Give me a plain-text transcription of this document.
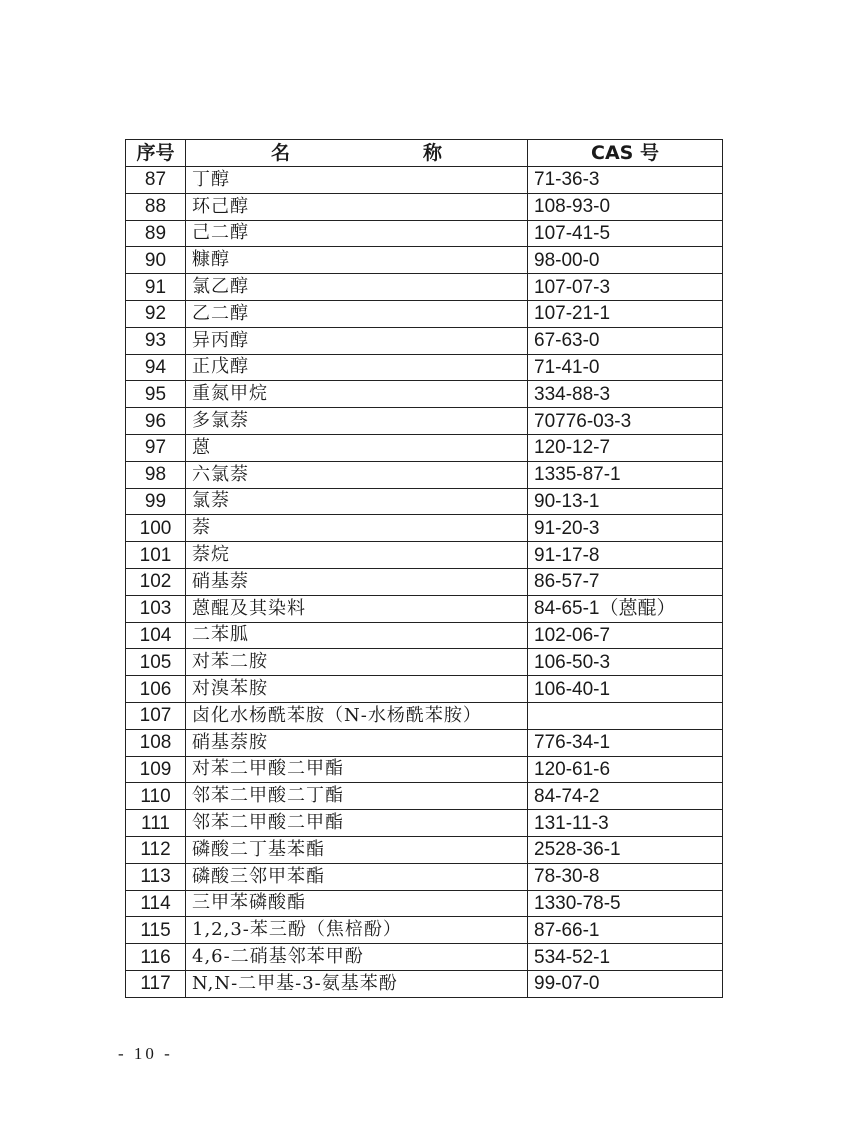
序号	名　称	CAS 号
87	丁醇	71-36-3
88	环己醇	108-93-0
89	己二醇	107-41-5
90	糠醇	98-00-0
91	氯乙醇	107-07-3
92	乙二醇	107-21-1
93	异丙醇	67-63-0
94	正戊醇	71-41-0
95	重氮甲烷	334-88-3
96	多氯萘	70776-03-3
97	蒽	120-12-7
98	六氯萘	1335-87-1
99	氯萘	90-13-1
100	萘	91-20-3
101	萘烷	91-17-8
102	硝基萘	86-57-7
103	蒽醌及其染料	84-65-1（蒽醌）
104	二苯胍	102-06-7
105	对苯二胺	106-50-3
106	对溴苯胺	106-40-1
107	卤化水杨酰苯胺（N-水杨酰苯胺）	
108	硝基萘胺	776-34-1
109	对苯二甲酸二甲酯	120-61-6
110	邻苯二甲酸二丁酯	84-74-2
111	邻苯二甲酸二甲酯	131-11-3
112	磷酸二丁基苯酯	2528-36-1
113	磷酸三邻甲苯酯	78-30-8
114	三甲苯磷酸酯	1330-78-5
115	1,2,3-苯三酚（焦棓酚）	87-66-1
116	4,6-二硝基邻苯甲酚	534-52-1
117	N,N-二甲基-3-氨基苯酚	99-07-0
- 10 -
